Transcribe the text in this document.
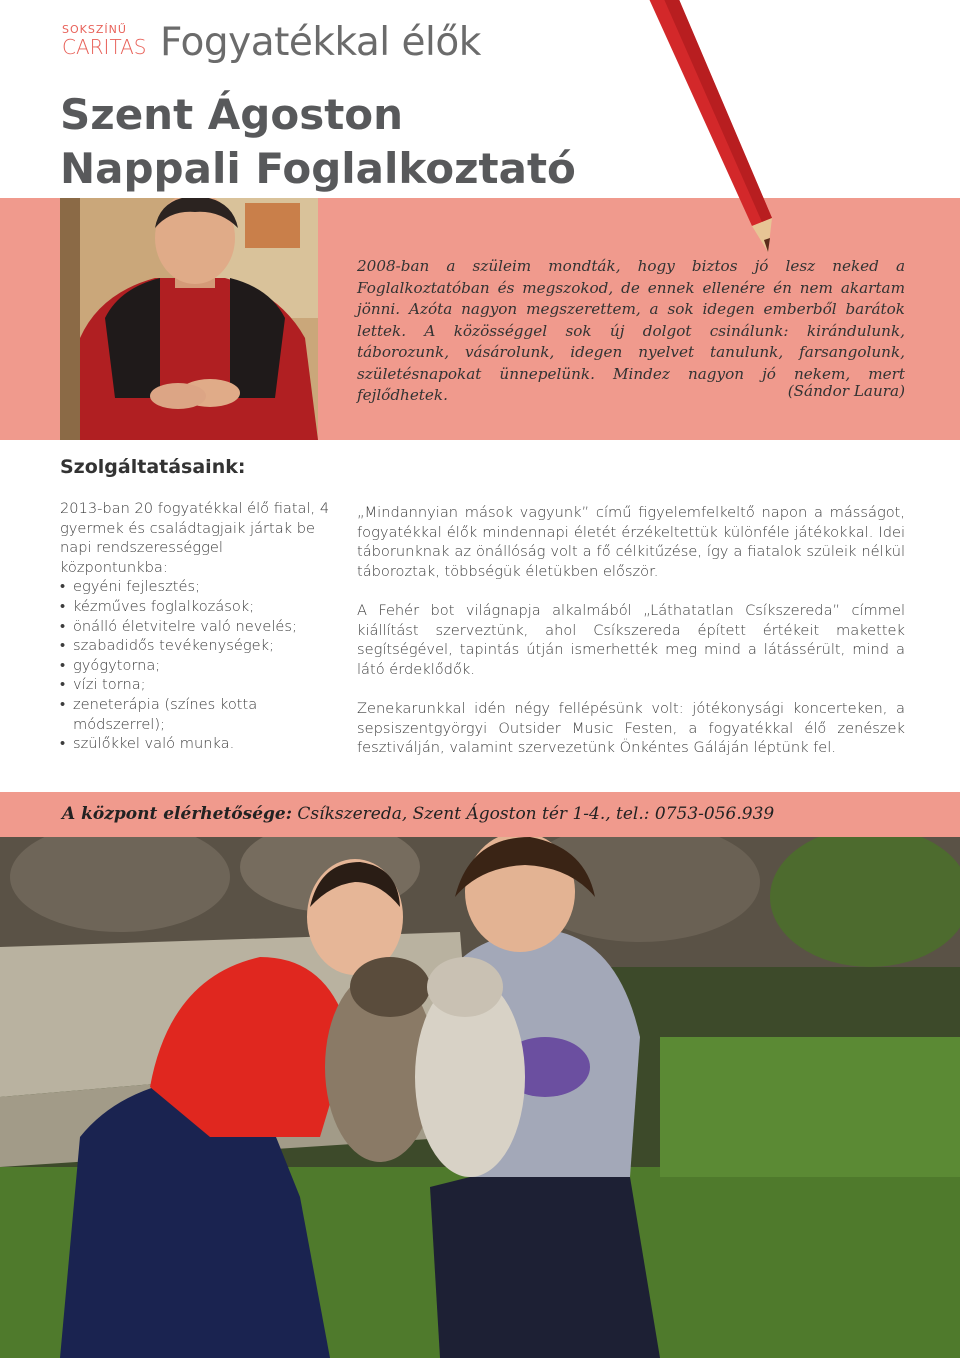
SOKSZÍNŰ
CARITAS Fogyatékkal élők
Szent Ágoston
Nappali Foglalkoztató
2008-ban a szüleim mondták, hogy biztos jó lesz neked a Foglalkoztatóban és megszokod, de ennek ellenére én nem akartam jönni. Azóta nagyon megszerettem, a sok idegen emberből barátok lettek. A közösséggel sok új dolgot csinálunk: kirándulunk, táborozunk, vásárolunk, idegen nyelvet tanulunk, farsangolunk, születésnapokat ünnepelünk. Mindez nagyon jó nekem, mert fejlődhetek.	(Sándor Laura)
Szolgáltatásaink:
2013-ban 20 fogyatékkal élő fiatal, 4 gyermek és családtagjaik jártak be napi rendszerességgel központunkba:
• egyéni fejlesztés;
• kézműves foglalkozások;
• önálló életvitelre való nevelés;
• szabadidős tevékenységek;
• gyógytorna;
• vízi torna;
• zeneterápia (színes kotta módszerrel);
• szülőkkel való munka.

„Mindannyian mások vagyunk” című figyelemfelkeltő napon a másságot, fogyatékkal élők mindennapi életét érzékeltettük különféle játékokkal. Idei táborunknak az önállóság volt a fő célkitűzése, így a fiatalok szüleik nélkül táboroztak, többségük életükben először.

A Fehér bot világnapja alkalmából „Láthatatlan Csíkszereda” címmel kiállítást szerveztünk, ahol Csíkszereda épített értékeit makettek segítségével, tapintás útján ismerhették meg mind a látássérült, mind a látó érdeklődők.

Zenekarunkkal idén négy fellépésünk volt: jótékonysági koncerteken, a sepsiszentgyörgyi Outsider Music Festen, a fogyatékkal élő zenészek fesztiválján, valamint szervezetünk Önkéntes Gáláján léptünk fel.

A központ elérhetősége: Csíkszereda, Szent Ágoston tér 1-4., tel.: 0753-056.939
